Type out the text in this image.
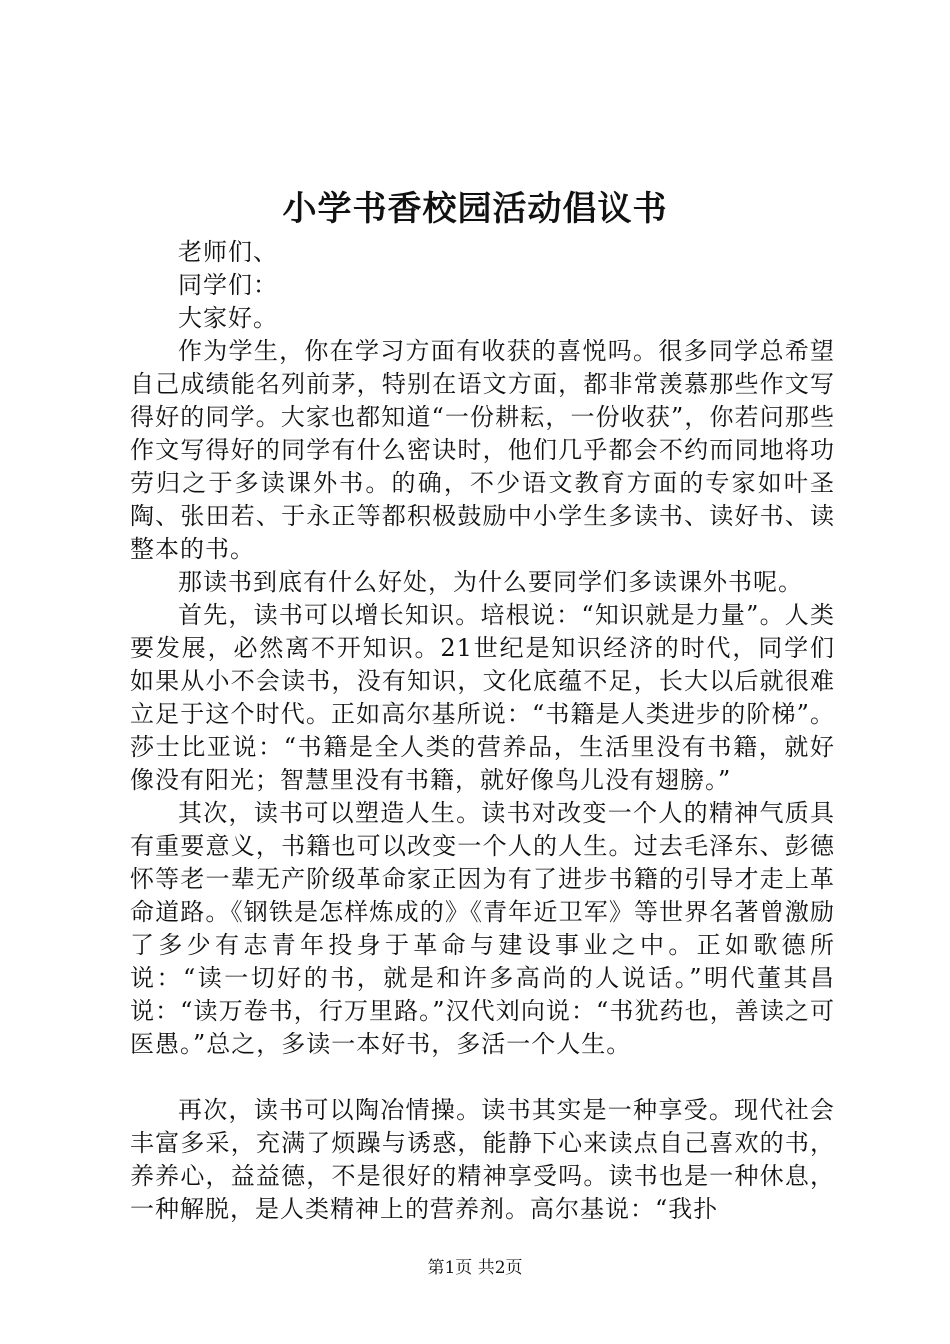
小学书香校园活动倡议书

老师们、

同学们：

大家好。

作为学生，你在学习方面有收获的喜悦吗。很多同学总希望自己成绩能名列前茅，特别在语文方面，都非常羡慕那些作文写得好的同学。大家也都知道“一份耕耘，一份收获”，你若问那些作文写得好的同学有什么密诀时，他们几乎都会不约而同地将功劳归之于多读课外书。的确，不少语文教育方面的专家如叶圣陶、张田若、于永正等都积极鼓励中小学生多读书、读好书、读整本的书。

那读书到底有什么好处，为什么要同学们多读课外书呢。

首先，读书可以增长知识。培根说：“知识就是力量”。人类要发展，必然离不开知识。21世纪是知识经济的时代，同学们如果从小不会读书，没有知识，文化底蕴不足，长大以后就很难立足于这个时代。正如高尔基所说：“书籍是人类进步的阶梯”。莎士比亚说：“书籍是全人类的营养品，生活里没有书籍，就好像没有阳光；智慧里没有书籍，就好像鸟儿没有翅膀。”

其次，读书可以塑造人生。读书对改变一个人的精神气质具有重要意义，书籍也可以改变一个人的人生。过去毛泽东、彭德怀等老一辈无产阶级革命家正因为有了进步书籍的引导才走上革命道路。《钢铁是怎样炼成的》《青年近卫军》等世界名著曾激励了多少有志青年投身于革命与建设事业之中。正如歌德所说：“读一切好的书，就是和许多高尚的人说话。”明代董其昌说：“读万卷书，行万里路。”汉代刘向说：“书犹药也，善读之可医愚。”总之，多读一本好书，多活一个人生。

再次，读书可以陶冶情操。读书其实是一种享受。现代社会丰富多采，充满了烦躁与诱惑，能静下心来读点自己喜欢的书，养养心，益益德，不是很好的精神享受吗。读书也是一种休息，一种解脱，是人类精神上的营养剂。高尔基说：“我扑

第1页 共2页
